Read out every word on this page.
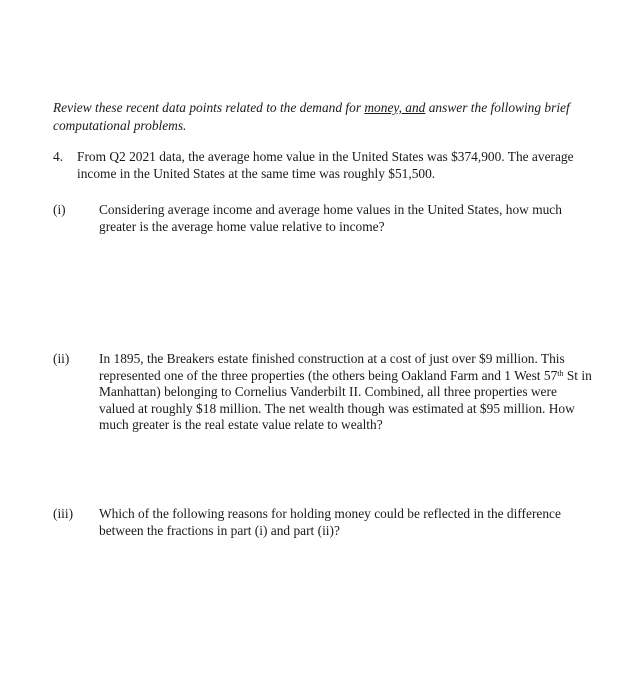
Review these recent data points related to the demand for money, and answer the following brief computational problems.
4.	From Q2 2021 data, the average home value in the United States was $374,900. The average income in the United States at the same time was roughly $51,500.
(i)	Considering average income and average home values in the United States, how much greater is the average home value relative to income?
(ii)	In 1895, the Breakers estate finished construction at a cost of just over $9 million. This represented one of the three properties (the others being Oakland Farm and 1 West 57th St in Manhattan) belonging to Cornelius Vanderbilt II. Combined, all three properties were valued at roughly $18 million. The net wealth though was estimated at $95 million. How much greater is the real estate value relate to wealth?
(iii)	Which of the following reasons for holding money could be reflected in the difference between the fractions in part (i) and part (ii)?
